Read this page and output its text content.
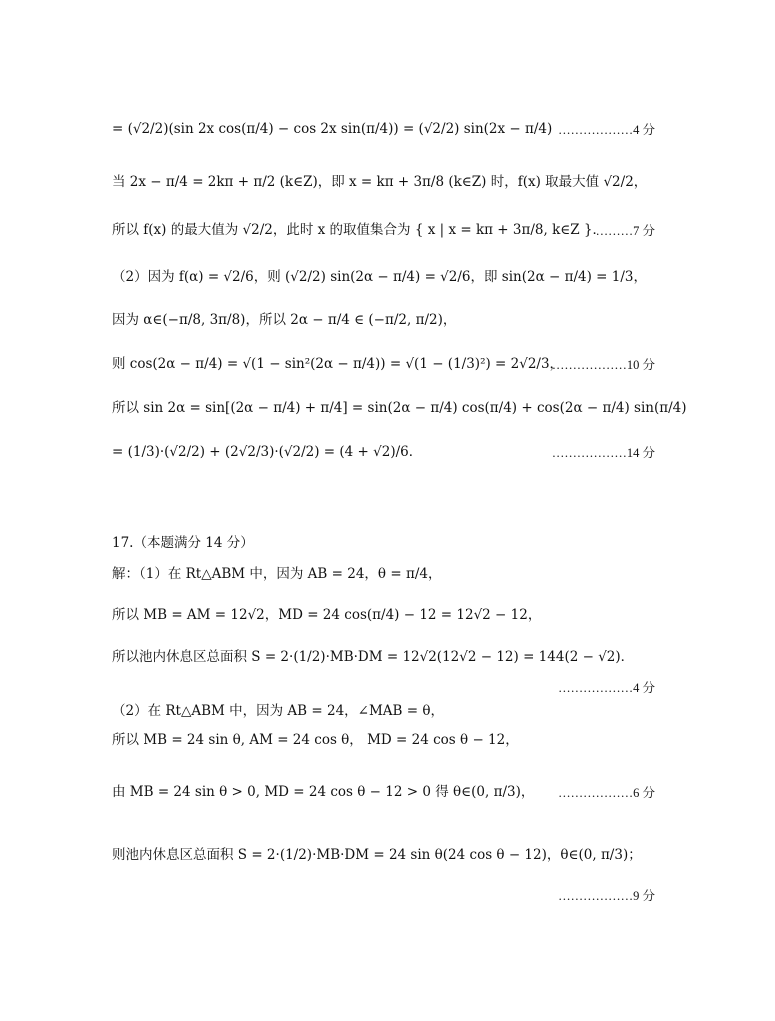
= (√2/2)(sin 2x cos(π/4) − cos 2x sin(π/4)) = (√2/2) sin(2x − π/4) ………………4 分
当 2x − π/4 = 2kπ + π/2 (k∈Z)，即 x = kπ + 3π/8 (k∈Z) 时，f(x) 取最大值 √2/2，
所以 f(x) 的最大值为 √2/2，此时 x 的取值集合为 { x | x = kπ + 3π/8, k∈Z }．
………7 分
（2）因为 f(α) = √2/6，则 (√2/2) sin(2α − π/4) = √2/6，即 sin(2α − π/4) = 1/3，
因为 α∈(−π/8, 3π/8)，所以 2α − π/4 ∈ (−π/2, π/2)，
则 cos(2α − π/4) = √(1 − sin²(2α − π/4)) = √(1 − (1/3)²) = 2√2/3，
………………10 分
所以 sin 2α = sin[(2α − π/4) + π/4] = sin(2α − π/4) cos(π/4) + cos(2α − π/4) sin(π/4)
= (1/3)·(√2/2) + (2√2/3)·(√2/2) = (4 + √2)/6．	………………14 分
17.（本题满分 14 分）
解：（1）在 Rt△ABM 中，因为 AB = 24，θ = π/4，
所以 MB = AM = 12√2，MD = 24 cos(π/4) − 12 = 12√2 − 12，
所以池内休息区总面积 S = 2·(1/2)·MB·DM = 12√2(12√2 − 12) = 144(2 − √2)．
………………4 分
（2）在 Rt△ABM 中，因为 AB = 24，∠MAB = θ，
所以 MB = 24 sin θ, AM = 24 cos θ， MD = 24 cos θ − 12，
由 MB = 24 sin θ > 0, MD = 24 cos θ − 12 > 0 得 θ∈(0, π/3)，	………………6 分
则池内休息区总面积 S = 2·(1/2)·MB·DM = 24 sin θ(24 cos θ − 12)，θ∈(0, π/3)；
………………9 分
